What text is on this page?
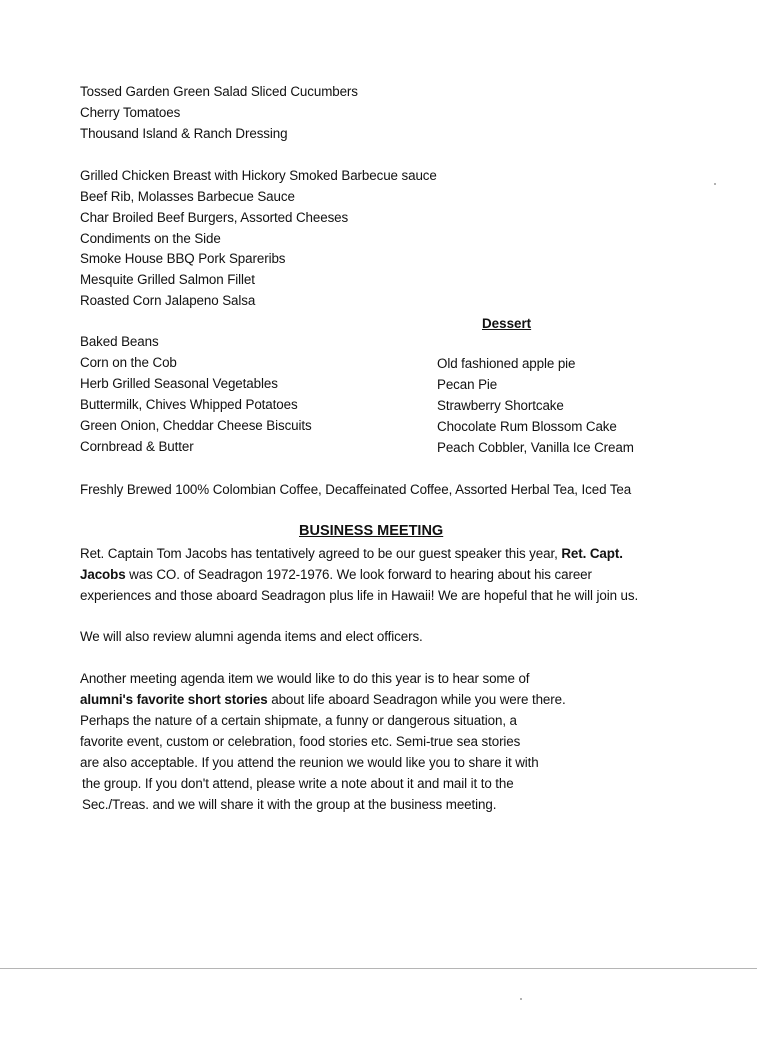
Tossed Garden Green Salad Sliced Cucumbers
Cherry Tomatoes
Thousand Island & Ranch Dressing
Grilled Chicken Breast with Hickory Smoked Barbecue sauce
Beef Rib, Molasses Barbecue Sauce
Char Broiled Beef Burgers, Assorted Cheeses
Condiments on the Side
Smoke House BBQ Pork Spareribs
Mesquite Grilled Salmon Fillet
Roasted Corn Jalapeno Salsa
Dessert
Baked Beans
Corn on the Cob
Herb Grilled Seasonal Vegetables
Buttermilk, Chives Whipped Potatoes
Green Onion, Cheddar Cheese Biscuits
Cornbread & Butter
Old fashioned apple pie
Pecan Pie
Strawberry Shortcake
Chocolate Rum Blossom Cake
Peach Cobbler, Vanilla Ice Cream
Freshly Brewed 100% Colombian Coffee, Decaffeinated Coffee, Assorted Herbal Tea, Iced Tea
BUSINESS MEETING
Ret. Captain Tom Jacobs has tentatively agreed to be our guest speaker this year, Ret. Capt.
Jacobs was CO. of Seadragon 1972-1976. We look forward to hearing about his career
experiences and those aboard Seadragon plus life in Hawaii! We are hopeful that he will join us.
We will also review alumni agenda items and elect officers.
Another meeting agenda item we would like to do this year is to hear some of
alumni's favorite short stories about life aboard Seadragon while you were there.
Perhaps the nature of a certain shipmate, a funny or dangerous situation, a
favorite event, custom or celebration, food stories etc. Semi-true sea stories
are also acceptable. If you attend the reunion we would like you to share it with
the group. If you don't attend, please write a note about it and mail it to the
Sec./Treas. and we will share it with the group at the business meeting.
